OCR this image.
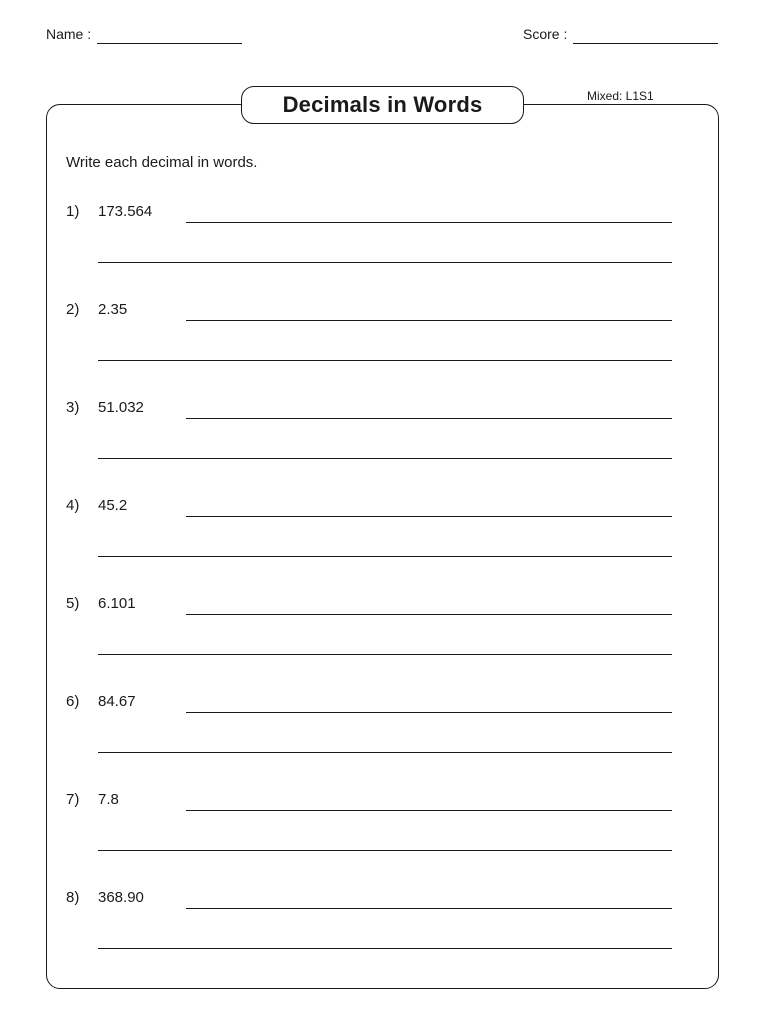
Name :	Score :
Decimals in Words	Mixed: L1S1
Write each decimal in words.
1) 173.564
2) 2.35
3) 51.032
4) 45.2
5) 6.101
6) 84.67
7) 7.8
8) 368.90
